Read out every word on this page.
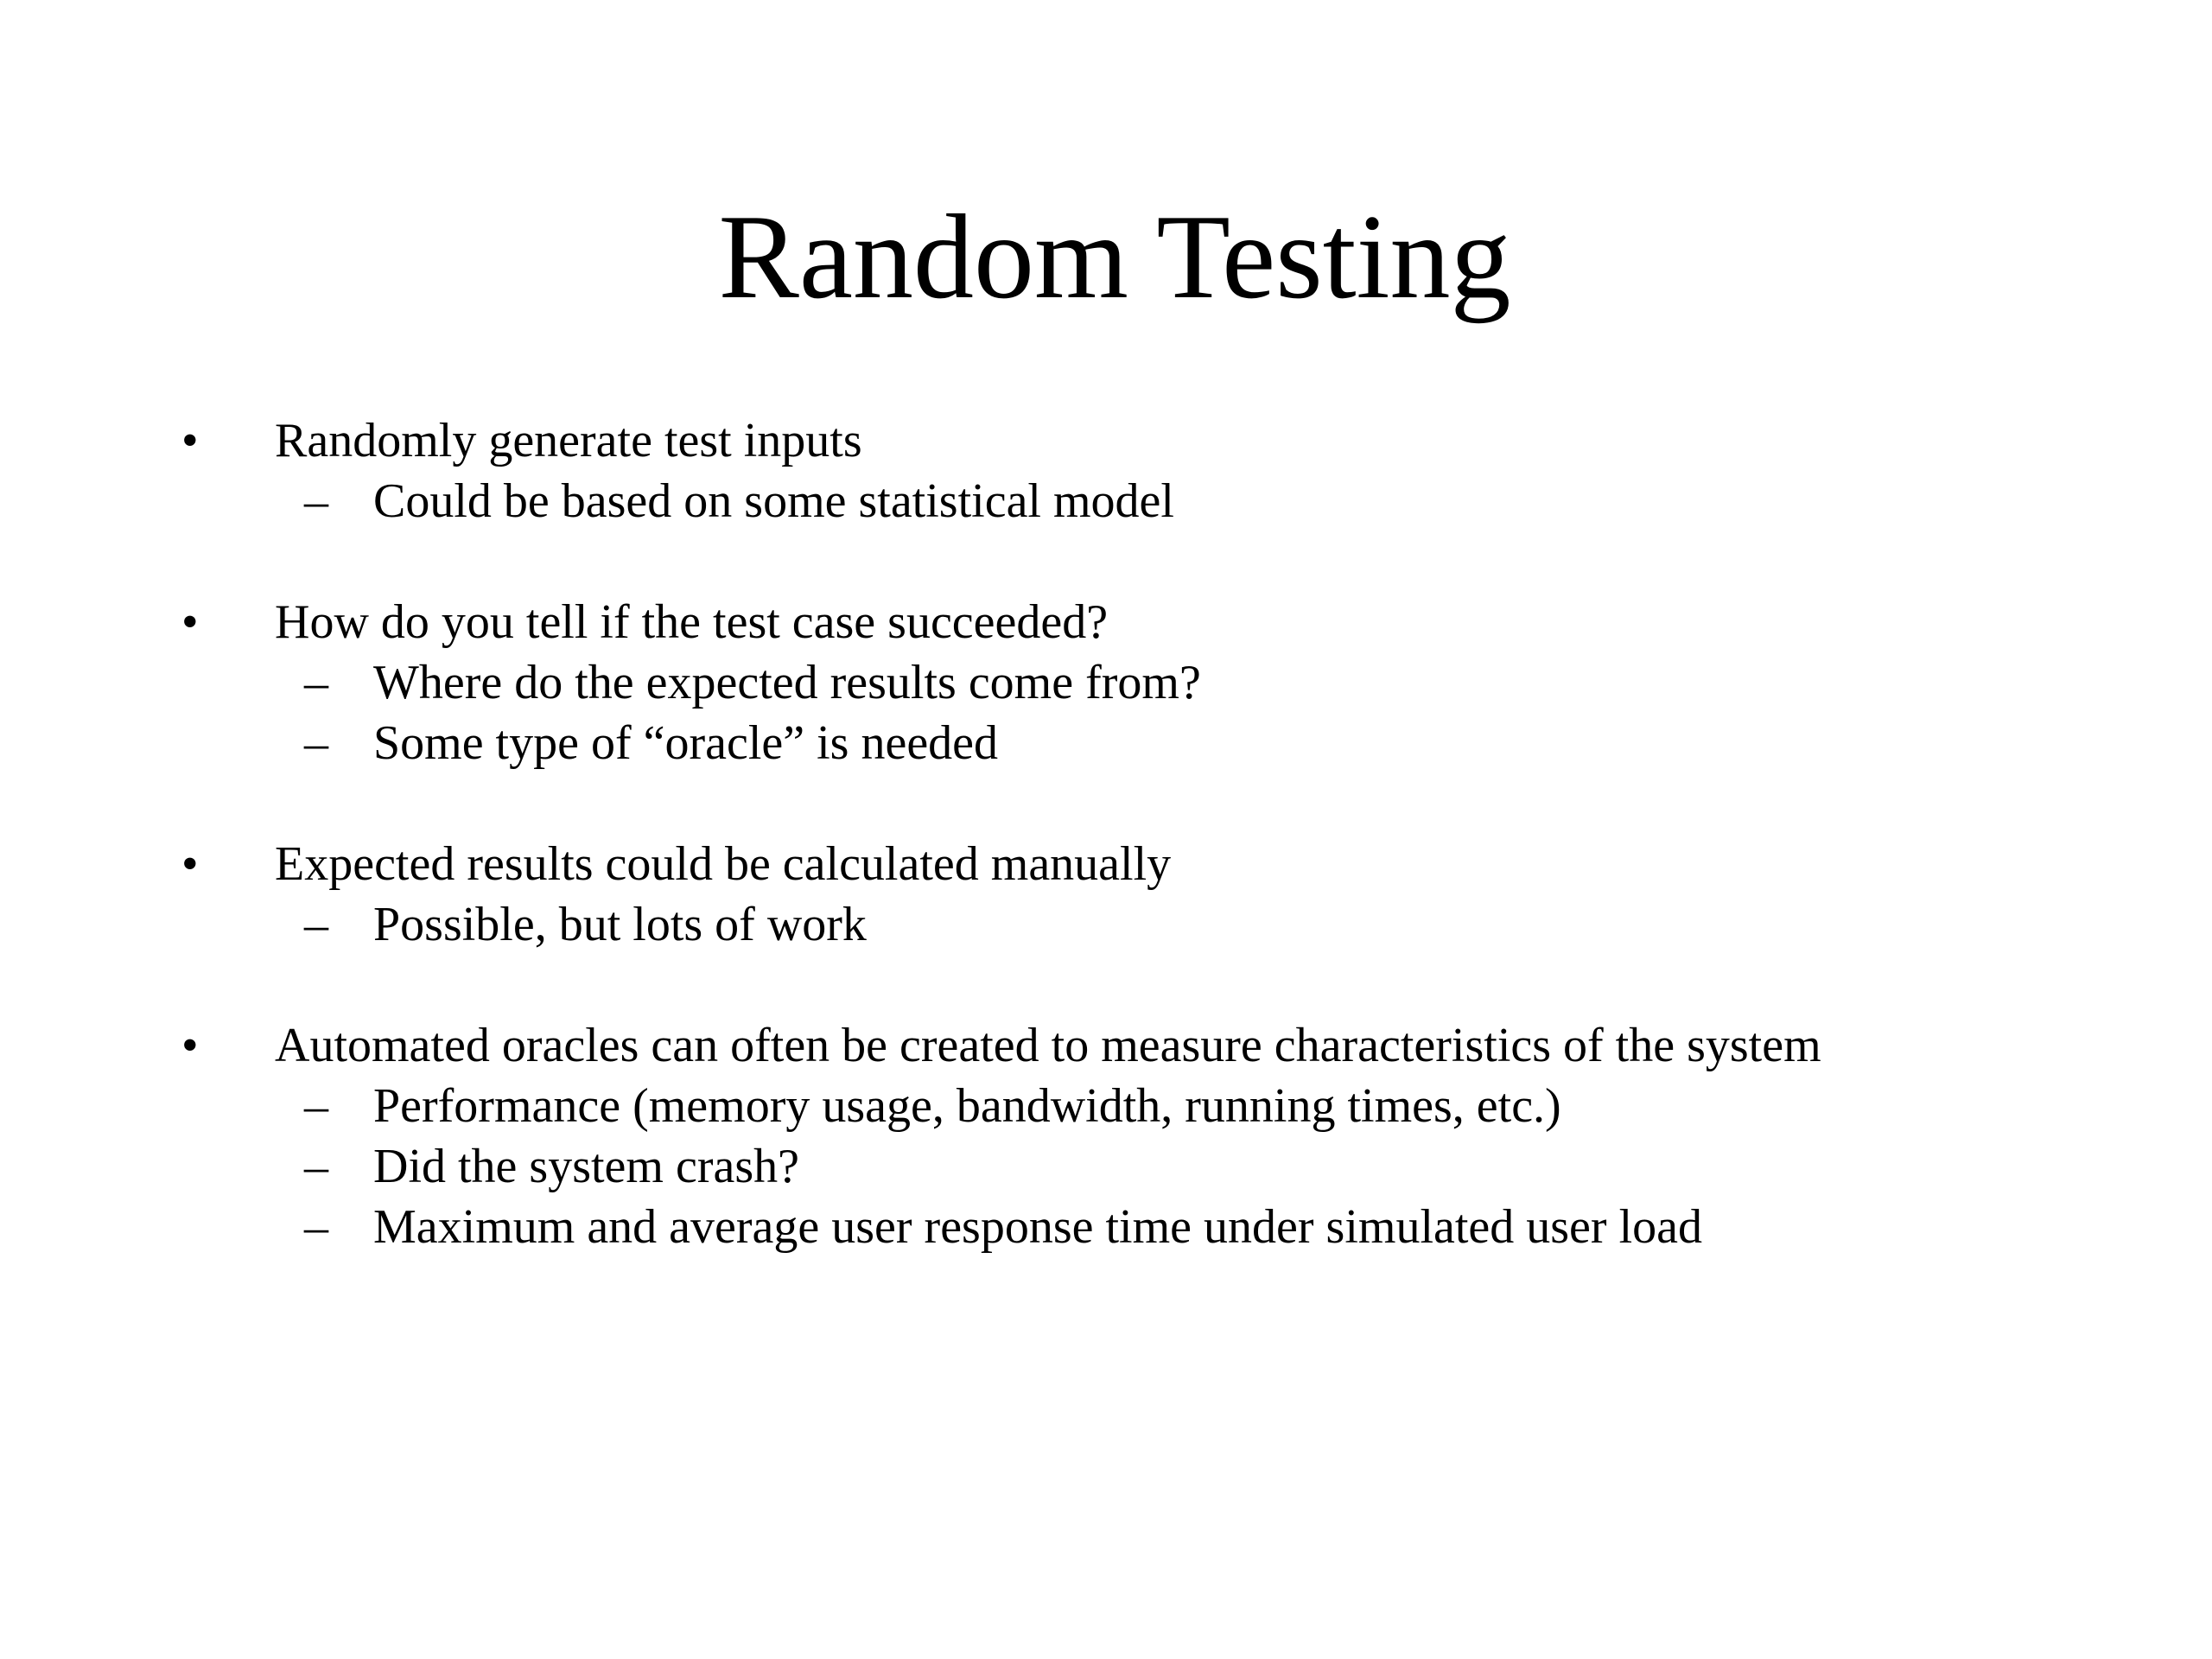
Random Testing
• Randomly generate test inputs
– Could be based on some statistical model
• How do you tell if the test case succeeded?
– Where do the expected results come from?
– Some type of “oracle” is needed
• Expected results could be calculated manually
– Possible, but lots of work
• Automated oracles can often be created to measure characteristics of the system
– Performance (memory usage, bandwidth, running times, etc.)
– Did the system crash?
– Maximum and average user response time under simulated user load
